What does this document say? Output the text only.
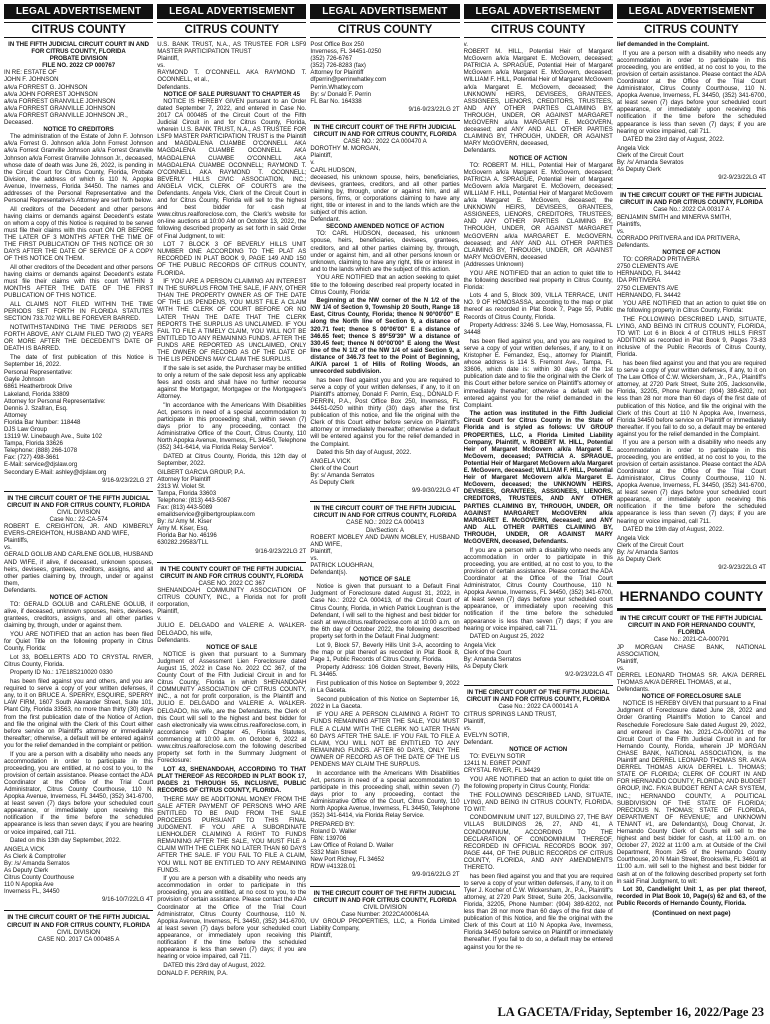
LEGAL ADVERTISEMENT
CITRUS COUNTY
IN THE FIFTH JUDICIAL CIRCUIT COURT IN AND FOR CITRUS COUNTY, FLORIDA
PROBATE DIVISION
FILE NO. 2022 CP 000767
IN RE: ESTATE OF
JOHN F. JOHNSON
a/k/a FORREST G. JOHNSON
a/k/a JOHN FORREST JOHNSON
a/k/a FORREST GRANVILLE JOHNSON
a/k/a FORREST GRANVILLE JOHNSON
a/k/a FORREST GRANVILLE JOHNSON JR.,
Deceased.
NOTICE TO CREDITORS

The administration of the Estate of John F. Johnson a/k/a Forrest G. Johnson a/k/a John Forrest Johnson a/k/a Forrest Granville Johnson a/k/a Forrest Granville Johnson a/k/a Forrest Granville Johnson Jr., deceased, whose date of death was June 26, 2022, is pending in the Circuit Court for Citrus County, Florida, Probate Division, the address of which is 110 N. Apopka Avenue, Inverness, Florida 34450. The names and addresses of the Personal Representative and the Personal Representative's Attorney are set forth below.

All creditors of the Decedent and other persons having claims or demands against Decedent's estate on whom a copy of this Notice is required to be served must file their claims with this court ON OR BEFORE THE LATER OF 3 MONTHS AFTER THE TIME OF THE FIRST PUBLICATION OF THIS NOTICE OR 30 DAYS AFTER THE DATE OF SERVICE OF A COPY OF THIS NOTICE ON THEM.

All other creditors of the Decedent and other persons having claims or demands against Decedent's estate must file their claims with this court WITHIN 3 MONTHS AFTER THE DATE OF THE FIRST PUBLICATION OF THIS NOTICE.

ALL CLAIMS NOT FILED WITHIN THE TIME PERIODS SET FORTH IN FLORIDA STATUTES SECTION 733.702 WILL BE FOREVER BARRED.

NOTWITHSTANDING THE TIME PERIODS SET FORTH ABOVE, ANY CLAIM FILED TWO (2) YEARS OR MORE AFTER THE DECEDENT'S DATE OF DEATH IS BARRED.

The date of first publication of this Notice is September 16, 2022.

Personal Representative:
Gayle Johnson
6861 Heatherbrook Drive
Lakeland, Florida 33809
Attorney for Personal Representative:
Dennis J. Szafran, Esq.
Attorney
Florida Bar Number: 118448
DJS Law Group
13119 W. Linebaugh Ave., Suite 102
Tampa, Florida 33626
Telephone: (888) 266-1078
Fax: (727) 498-3661
E-Mail: service@djslaw.org
Secondary E-Mail: ashley@djslaw.org
9/16-9/23/22LG 2T
IN THE CIRCUIT COURT OF THE FIFTH JUDICIAL CIRCUIT IN AND FOR CITRUS COUNTY, FLORIDA
CIVIL DIVISION
Case No.: 22-CA-574
ROBERT E. CREIGHTON, JR. AND KIMBERLY EVERS-CREIGHTON, HUSBAND AND WIFE,
Plaintiffs,
vs.
GERALD GOLUB AND CARLENE GOLUB, HUSBAND AND WIFE, if alive, if deceased, unknown spouses, heirs, devisees, grantees, creditors, assigns, and all other parties claiming by, through, under or against them,
Defendants.
NOTICE OF ACTION

TO: GERALD GOLUB and CARLENE GOLUB, if alive, if deceased, unknown spouses, heirs, devisees, grantees, creditors, assigns, and all other parties claiming by, through, under or against them.

YOU ARE NOTIFIED that an action has been filed for Quiet Title on the following property in Citrus County, Florida:

Lot 33, BOELLERTS ADD TO CRYSTAL RIVER, Citrus County, Florida.

Property ID No.: 17E18S210020 0330

has been filed against you and others, and you are required to serve a copy of your written defenses, if any, to it on BRUCE A. SPERRY, ESQUIRE, SPERRY LAW FIRM, 1607 South Alexander Street, Suite 101, Plant City, Florida 33563, no more than thirty (30) days from the first publication date of the Notice of Action, and file the original with the Clerk of this Court either before service on Plaintiff's attorney or immediately thereafter; otherwise, a default will be entered against you for the relief demanded in the complaint or petition.

If you are a person with a disability who needs any accommodation in order to participate in this proceeding, you are entitled, at no cost to you, to the provision of certain assistance. Please contact the ADA Coordinator at the Office of the Trial Court Administrator, Citrus County Courthouse, 110 N. Apopka Avenue, Inverness, FL 34450, (352) 341-6700, at least seven (7) days before your scheduled court appearance, or immediately upon receiving this notification if the time before the scheduled appearance is less than seven days; if you are hearing or voice impaired, call 711.

Dated on this 13th day September, 2022.

ANGELA VICK
As Clerk & Comptroller
By: /s/ Amanda Serratos
As Deputy Clerk
Citrus County Courthouse
110 N Apopka Ave
Inverness FL, 34450
9/16-10/7/22LG 4T
IN THE CIRCUIT COURT OF THE FIFTH JUDICIAL CIRCUIT IN AND FOR CITRUS COUNTY, FLORIDA
CIVIL DIVISION
CASE NO. 2017 CA 000485 A
LEGAL ADVERTISEMENT
CITRUS COUNTY
U.S. BANK TRUST, N.A., AS TRUSTEE FOR LSF9 MASTER PARTICIPATION TRUST
Plaintiff,
vs.
RAYMOND T. O'CONNELL AKA RAYMOND T. OCONNELL, et al.,
Defendants.
NOTICE OF SALE PURSUANT TO CHAPTER 45

NOTICE IS HEREBY GIVEN pursuant to an Order dated September 7, 2022, and entered in Case No. 2017 CA 000485 of the Circuit Court of the Fifth Judicial Circuit in and for Citrus County, Florida, wherein U.S. BANK TRUST, N.A., AS TRUSTEE FOR LSF9 MASTER PARTICIPATION TRUST is the Plaintiff and MAGDALENA CUAMBE O'CONNELL AKA MAGDALENA CUAMBE OCONNELL AKA MAGDALENA CUAMBE O'CONNELL AKA MAGDALENA CUAMBE OCONNELL; RAYMOND T. O'CONNELL AKA RAYMOND T. OCONNELL; BEVERLY HILLS CIVIC ASSOCIATION, INC.; ANGELA VICK, CLERK OF COURTS are the Defendants. Angela Vick, Clerk of the Circuit Court in and for Citrus County, Florida will sell to the highest and best bidder for cash at www.citrus.realforeclose.com, the Clerk's website for on-line auctions at 10:00 AM on October 13, 2022, the following described property as set forth in said Order of Final Judgment, to wit:

LOT 7 BLOCK 3 OF BEVERLY HILLS UNIT NUMBER ONE ACCORDING TO THE PLAT AS RECORDED IN PLAT BOOK 9, PAGE 149 AND 150 OF THE PUBLIC RECORDS OF CITRUS COUNTY, FLORIDA.

IF YOU ARE A PERSON CLAIMING AN INTEREST IN THE SURPLUS FROM THE SALE, IF ANY, OTHER THAN THE PROPERTY OWNER AS OF THE DATE OF THE LIS PENDENS, YOU MUST FILE A CLAIM WITH THE CLERK OF COURT BEFORE OR NO LATER THAN THE DATE THAT THE CLERK REPORTS THE SURPLUS AS UNCLAIMED. IF YOU FAIL TO FILE A TIMELY CLAIM, YOU WILL NOT BE ENTITLED TO ANY REMAINING FUNDS. AFTER THE FUNDS ARE REPORTED AS UNCLAIMED, ONLY THE OWNER OF RECORD AS OF THE DATE OF THE LIS PENDENS MAY CLAIM THE SURPLUS.

If the sale is set aside, the Purchaser may be entitled to only a return of the sale deposit less any applicable fees and costs and shall have no further recourse against the Mortgagor, Mortgagee or the Mortgagee's Attorney.

"In accordance with the Americans With Disabilities Act, persons in need of a special accommodation to participate in this proceeding shall, within seven (7) days prior to any proceeding, contact the Administrative Office of the Court, Citrus County, 110 North Apopka Avenue, Inverness, FL 34450, Telephone (352) 341-6414, via Florida Relay Service".

DATED at Citrus County, Florida, this 12th day of September, 2022.

GILBERT GARCIA GROUP, P.A.
Attorney for Plaintiff
2313 W. Violet St.
Tampa, Florida 33603
Telephone: (813) 443-5087
Fax: (813) 443-5089
emaildservice@gilbertgrouplaw.com
By: /s/ Amy M. Kiser
Amy M. Kiser, Esq.
Florida Bar No. 46196
630282.29583/TLL
9/16-9/23/22LG 2T
IN THE COUNTY COURT OF THE FIFTH JUDICIAL CIRCUIT IN AND FOR CITRUS COUNTY, FLORIDA
CASE NO. 2022 CC 367
SHENANDOAH COMMUNITY ASSOCIATION OF CITRUS COUNTY, INC., a Florida not for profit corporation,
Plaintiff,
v.
JULIO E. DELGADO and VALERIE A. WALKER-DELGADO, his wife,
Defendants.
NOTICE OF SALE

NOTICE is given that pursuant to a Summary Judgment of Assessment Lien Foreclosure dated August 15, 2022 in Case No. 2022 CC 367, of the County Court of the Fifth Judicial Circuit in and for Citrus County, Florida in which SHENANDOAH COMMUNITY ASSOCIATION OF CITRUS COUNTY, INC., a not for profit corporation, is the Plaintiff and JULIO E. DELGADO and VALERIE A. WALKER-DELGADO, his wife, are the Defendants, the Clerk of this Court will sell to the highest and best bidder for cash electronically via www.citrus.realforeclose.com, in accordance with Chapter 45, Florida Statutes, commencing at 10:00 a.m. on October 6, 2022 at www.citrus.realforeclose.com the following described property set forth in the Summary Judgment of Foreclosure:

LOT 43, SHENANDOAH, ACCORDING TO THAT PLAT THEREOF AS RECORDED IN PLAT BOOK 17, PAGES 21 THROUGH 55, INCLUSIVE, PUBLIC RECORDS OF CITRUS COUNTY, FLORIDA.

THERE MAY BE ADDITIONAL MONEY FROM THE SALE AFTER PAYMENT OF PERSONS WHO ARE ENTITLED TO BE PAID FROM THE SALE PROCEEDS PURSUANT TO THIS FINAL JUDGMENT. IF YOU ARE A SUBORDINATE LIENHOLDER CLAIMING A RIGHT TO FUNDS REMAINING AFTER THE SALE, YOU MUST FILE A CLAIM WITH THE CLERK NO LATER THAN 60 DAYS AFTER THE SALE. IF YOU FAIL TO FILE A CLAIM, YOU WILL NOT BE ENTITLED TO ANY REMAINING FUNDS.

If you are a person with a disability who needs any accommodation in order to participate in this proceeding, you are entitled, at no cost to you, to the provision of certain assistance. Please contact the ADA Coordinator at the Office of the Trial Court Administrator, Citrus County Courthouse, 110 N. Apopka Avenue, Inverness, FL 34450, (352) 341-6700, at least seven (7) days before your scheduled court appearance, or immediately upon receiving this notification if the time before the scheduled appearance is less than seven (7) days; if you are hearing or voice impaired, call 711.

DATED this 23rd day of August, 2022.

DONALD F. PERRIN, P.A.
LEGAL ADVERTISEMENT
CITRUS COUNTY
Post Office Box 250
Inverness, FL 34451-0250
(352) 726-6767
(352) 726-8283 (fax)
Attorney for Plaintiff
dfperrin@perrinwhatley.com
Perrin.Whatley.com
By: s/ Donald F. Perrin
FL Bar No. 164338
9/16-9/23/22LG 2T
IN THE CIRCUIT COURT OF THE FIFTH JUDICIAL CIRCUIT IN AND FOR CITRUS COUNTY, FLORIDA
CASE NO.: 2022 CA 000470 A
DOROTHY M. MORGAN,
Plaintiff,
v.
CARL HUDSON,
deceased, his unknown spouse, heirs, beneficiaries, devisees, grantees, creditors, and all other parties claiming by, through, under or against him, and all persons, firms, or corporations claiming to have any right, title or interest in and to the lands which are the subject of this action.
Defendant.
SECOND AMENDED NOTICE OF ACTION

TO: CARL HUDSON, deceased, his unknown spouse, heirs, beneficiaries, devisees, grantees, creditors, and all other parties claiming by, through, under or against him, and all other persons known or unknown, claiming to have any right, title or interest in and to the lands which are the subject of this action.

YOU ARE NOTIFIED that an action seeking to quiet title to the following described real property located in Citrus County, Florida:

Beginning at the NW corner of the N 1/2 of the NW 1/4 of Section 9, Township 20 South, Range 18 East, Citrus County, Florida; thence N 90°00'00" E along the North line of Section 9, a distance of 320.71 feet; thence S 00°06'00" E a distance of 346.65 feet; thence S 89°59'39" W a distance of 330.45 feet; thence N 00°00'00" E along the West line of the N 1/2 of the NW 1/4 of said Section 9, a distance of 346.73 feet to the Point of Beginning, A/K/A parcel 1 of Hills of Rolling Woods, an unrecorded subdivision.

has been filed against you and you are required to serve a copy of your written defenses, if any, to it on Plaintiff's attorney, Donald F. Perrin, Esq., DONALD F. PERRIN, P.A., Post Office Box 250, Inverness, FL 34451-0250 within thirty (30) days after the first publication of this notice, and file the original with the Clerk of this Court either before service on Plaintiff's attorney or immediately thereafter; otherwise a default will be entered against you for the relief demanded in the Complaint.

Dated this 5th day of August, 2022.

ANGELA VICK
Clerk of the Court
By: s/ Amanda Serratos
As Deputy Clerk
9/9-9/30/22LG 4T
IN THE CIRCUIT COURT OF THE FIFTH JUDICIAL CIRCUIT IN AND FOR CITRUS COUNTY, FLORIDA
CASE NO.: 2022 CA 000413
Div/Section: A
ROBERT MOBLEY AND DAWN MOBLEY, HUSBAND AND WIFE,
Plaintiff,
vs.
PATRICK LOUGHRAN,
Defendant(s).
NOTICE OF SALE

Notice is given that pursuant to a Default Final Judgment of Foreclosure dated August 31, 2022, in Case No.: 2022 CA 000413, of the Circuit Court of Citrus County, Florida, in which Patrick Loughran is the Defendant, I will sell to the highest and best bidder for cash at www.citrus.realforeclose.com at 10:00 a.m. on the 6th day of October 2022, the following described property set forth in the Default Final Judgment:

Lot 9, Block 57, Beverly Hills Unit 3-A, according to the map or plat thereof as recorded in Plat Book 8, Page 1, Public Records of Citrus County, Florida.

Property Address: 106 Golden Street, Beverly Hills, FL 34465.

First publication of this Notice on September 9, 2022 in La Gaceta.

Second publication of this Notice on September 16, 2022 in La Gaceta.

IF YOU ARE A PERSON CLAIMING A RIGHT TO FUNDS REMAINING AFTER THE SALE, YOU MUST FILE A CLAIM WITH THE CLERK NO LATER THAN 60 DAYS AFTER THE SALE. IF YOU FAIL TO FILE A CLAIM, YOU WILL NOT BE ENTITLED TO ANY REMAINING FUNDS. AFTER 60 DAYS, ONLY THE OWNER OF RECORD AS OF THE DATE OF THE LIS PENDENS MAY CLAIM THE SURPLUS.

In accordance with the Americans With Disabilities Act, persons in need of a special accommodation to participate in this proceeding shall, within seven (7) days prior to any proceeding, contact the Administrative Office of the Court, Citrus County, 110 North Apopka Avenue, Inverness, FL 34450, Telephone (352) 341-6414, via Florida Relay Service.

PREPARED BY:
Roland D. Waller
FBN: 139706
Law Office of Roland D. Waller
5332 Main Street
New Port Richey, FL 34652
RDW #41328.01
9/9-9/16/22LG 2T
IN THE CIRCUIT COURT OF THE FIFTH JUDICIAL CIRCUIT IN AND FOR CITRUS COUNTY, FLORIDA
CIVIL DIVISION
Case Number: 2022CA000614A
UV GROUP PROPERTIES, LLC, a Florida Limited Liability Company,
Plaintiff,
LEGAL ADVERTISEMENT
CITRUS COUNTY
v.
ROBERT M. HILL, Potential Heir of Margaret McGovern a/k/a Margaret E. McGovern, deceased; PATRICIA A. SPRAGUE, Potential Heir of Margaret McGovern a/k/a Margaret E. McGovern, deceased; WILLIAM F. HILL, Potential Heir of Margaret McGovern a/k/a Margaret E. McGovern, deceased; the UNKNOWN HEIRS, DEVISEES, GRANTEES, ASSIGNEES, LIENORS, CREDITORS, TRUSTEES, AND ANY OTHER PARTIES CLAIMING BY, THROUGH, UNDER, OR AGAINST MARGARET McGOVERN a/k/a MARGARET E. McGOVERN, deceased; and ANY AND ALL OTHER PARTIES CLAIMING BY, THROUGH, UNDER, OR AGAINST MARY McGOVERN, deceased,
Defendants.
NOTICE OF ACTION

TO: ROBERT M. HILL, Potential Heir of Margaret McGovern a/k/a Margaret E. McGovern, deceased; PATRICIA A. SPRAGUE, Potential Heir of Margaret McGovern a/k/a Margaret E. McGovern, deceased; WILLIAM F. HILL, Potential Heir of Margaret McGovern a/k/a Margaret E. McGovern, deceased; the UNKNOWN HEIRS, DEVISEES, GRANTEES, ASSIGNEES, LIENORS, CREDITORS, TRUSTEES, AND ANY OTHER PARTIES CLAIMING BY, THROUGH, UNDER, OR AGAINST MARGARET McGOVERN a/k/a MARGARET E. McGOVERN, deceased; and ANY AND ALL OTHER PARTIES CLAIMING BY, THROUGH, UNDER, OR AGAINST MARY McGOVERN, deceased
(Addresses Unknown)

YOU ARE NOTIFIED that an action to quiet title to the following described real property in Citrus County, Florida:

Lots 4 and 5, Block 309, VILLA TERRACE, UNIT NO. 9 OF HOMOSASSA, according to the map or plat thereof as recorded in Plat Book 7, Page 55, Public Records of Citrus County, Florida.

Property Address: 3246 S. Lee Way, Homosassa, FL 34448

has been filed against you, and you are required to serve a copy of your written defenses, if any, to it on Kristopher E. Fernandez, Esq., attorney for Plaintiff, whose address is 114 S. Fremont Ave., Tampa, FL 33606, which date is: within 30 days of the 1st publication date and to file the original with the Clerk of this Court either before service on Plaintiff's attorney or immediately thereafter; otherwise a default will be entered against you for the relief demanded in the Complaint.

The action was instituted in the Fifth Judicial Circuit Court for Citrus County in the State of Florida and is styled as follows: UV GROUP PROPERTIES, LLC, a Florida Limited Liability Company, Plaintiff, v. ROBERT M. HILL, Potential Heir of Margaret McGovern a/k/a Margaret E. McGovern, deceased; PATRICIA A. SPRAGUE, Potential Heir of Margaret McGovern a/k/a Margaret E. McGovern, deceased; WILLIAM F. HILL, Potential Heir of Margaret McGovern a/k/a Margaret E. McGovern, deceased; the UNKNOWN HEIRS, DEVISEES, GRANTEES, ASSIGNEES, LIENORS, CREDITORS, TRUSTEES, AND ANY OTHER PARTIES CLAIMING BY, THROUGH, UNDER, OR AGAINST MARGARET McGOVERN a/k/a MARGARET E. McGOVERN, deceased; and ANY AND ALL OTHER PARTIES CLAIMING BY, THROUGH, UNDER, OR AGAINST MARY McGOVERN, deceased, Defendants.

If you are a person with a disability who needs any accommodation in order to participate in this proceeding, you are entitled, at no cost to you, to the provision of certain assistance. Please contact the ADA Coordinator at the Office of the Trial Court Administrator, Citrus County Courthouse, 110 N. Apopka Avenue, Inverness, FL 34450, (352) 341-6700, at least seven (7) days before your scheduled court appearance, or immediately upon receiving this notification if the time before the scheduled appearance is less than seven (7) days; if you are hearing or voice impaired, call 711.

DATED on August 25, 2022

Angela Vick
Clerk of the Court
By: Amanda Serratos
As Deputy Clerk
9/2-9/23/22LG 4T
IN THE CIRCUIT COURT OF THE FIFTH JUDICIAL CIRCUIT IN AND FOR CITRUS COUNTY, FLORIDA
Case No.: 2022 CA 000141 A
CITRUS SPRINGS LAND TRUST,
Plaintiff,
vs.
EVELYN SOTIR,
Defendant.
NOTICE OF ACTION

TO: EVELYN SOTIR
12411 N. EGRET POINT
CRYSTAL RIVER, FL 34429

YOU ARE NOTIFIED that an action to quiet title on the following property in Citrus County, Florida:

THE FOLLOWING DESCRIBED LAND, SITUATE, LYING, AND BEING IN CITRUS COUNTY, FLORIDA, TO WIT:

CONDOMINIUM UNIT 127, BUILDING 27, THE BAY VILLAS BUILDINGS 26, 27, AND 41, A CONDOMINIUM, ACCORDING TO THE DECLARATION OF CONDOMINIUM THEREOF, RECORDED IN OFFICIAL RECORDS BOOK 397, PAGE 444, OF THE PUBLIC RECORDS OF CITRUS COUNTY, FLORIDA, AND ANY AMENDMENTS THERETO.

has been filed against you and that you are required to serve a copy of your written defenses, if any, to it on Tyler J. Kocher of C.W. Wickersham, Jr., P.A., Plaintiff's attorney, at 2720 Park Street, Suite 205, Jacksonville, Florida, 32205, Phone Number: (904) 389-6202, not less than 28 nor more than 60 days of the first date of publication of this Notice, and file the original with the Clerk of this Court at 110 N Apopka Ave, Inverness, Florida 34450 before service on Plaintiff or immediately thereafter. If you fail to do so, a default may be entered against you for the re-

LEGAL ADVERTISEMENT
CITRUS COUNTY

lief demanded in the Complaint.

If you are a person with a disability who needs any accommodation in order to participate in this proceeding, you are entitled, at no cost to you, to the provision of certain assistance. Please contact the ADA Coordinator at the Office of the Trial Court Administrator, Citrus County Courthouse, 110 N. Apopka Avenue, Inverness, FL 34450, (352) 341-6700, at least seven (7) days before your scheduled court appearance, or immediately upon receiving this notification if the time before the scheduled appearance is less than seven (7) days; if you are hearing or voice impaired, call 711.

DATED the 23rd day of August, 2022.

Angela Vick
Clerk of the Circuit Court
By: /s/ Amanda Sevratos
As Deputy Clerk
9/2-9/23/22LG 4T
IN THE CIRCUIT COURT OF THE FIFTH JUDICIAL CIRCUIT IN AND FOR CITRUS COUNTY, FLORIDA
Case No.: 2022 CA 00317 A
BENJAMIN SMITH and MINERVA SMITH,
Plaintiffs,
vs.
CORRADO PRITIVERA and IDA PRITIVERA,
Defendants.
NOTICE OF ACTION

TO: CORRADO PRITIVERA
2750 CLEMENTS AVE
HERNANDO, FL 34442
IDA PRITIVERA
2750 CLEMENTS AVE
HERNANDO, FL 34442

YOU ARE NOTIFIED that an action to quiet title on the following property in Citrus County, Florida:

THE FOLLOWING DESCRIBED LAND, SITUATE, LYING, AND BEING IN CITRUS COUNTY, FLORIDA, TO WIT: Lot 6 in Block 4 of CITRUS HILLS FIRST ADDITION as recorded in Plat Book 9, Pages 73-83 inclusive of the Public Records of Citrus County, Florida.

has been filed against you and that you are required to serve a copy of your written defenses, if any, to it on The Law Office of C.W. Wickersham, Jr., P.A., Plaintiff's attorney, at 2720 Park Street, Suite 205, Jacksonville, Florida, 32205, Phone Number: (904) 389-6202, not less than 28 nor more than 60 days of the first date of publication of this Notice, and file the original with the Clerk of this Court at 110 N Apopka Ave, Inverness, Florida 34450 before service on Plaintiff or immediately thereafter. If you fail to do so, a default may be entered against you for the relief demanded in the Complaint.

If you are a person with a disability who needs any accommodation in order to participate in this proceeding, you are entitled, at no cost to you, to the provision of certain assistance. Please contact the ADA Coordinator at the Office of the Trial Court Administrator, Citrus County Courthouse, 110 N. Apopka Avenue, Inverness, FL 34450, (352) 341-6700, at least seven (7) days before your scheduled court appearance, or immediately upon receiving this notification if the time before the scheduled appearance is less than seven (7) days; if you are hearing or voice impaired, call 711.

DATED the 19th day of August, 2022.

Angela Vick
Clerk of the Circuit Court
By: /s/ Amanda Santos
As Deputy Clerk
9/2-9/23/22LG 4T
HERNANDO COUNTY
IN THE CIRCUIT COURT OF THE FIFTH JUDICIAL CIRCUIT IN AND FOR HERNANDO COUNTY, FLORIDA
Case No.: 2021-CA-000791
JP MORGAN CHASE BANK, NATIONAL ASSOCIATION,
Plaintiff,
vs.
DERREL LEONARD THOMAS SR. A/K/A DERREL THOMAS A/K/A DERREL THOMAS, et al.,
Defendants.
NOTICE OF FORECLOSURE SALE

NOTICE IS HEREBY GIVEN that pursuant to a Final Judgment of Foreclosure dated June 28, 2022 and Order Granting Plaintiff's Motion to Cancel and Reschedule Foreclosure Sale dated August 29, 2022, and entered in Case No. 2021-CA-000791 of the Circuit Court of the Fifth Judicial Circuit in and for Hernando County, Florida, wherein JP MORGAN CHASE BANK, NATIONAL ASSOCIATION, is the Plaintiff and DERREL LEONARD THOMAS SR. A/K/A DERREL THOMAS A/K/A DERREL L. THOMAS; STATE OF FLORIDA; CLERK OF COURT IN AND FOR HERNANDO COUNTY, FLORIDA; AND BUDGET GROUP, INC. F/K/A BUDGET RENT A CAR SYSTEM, INC.; HERNANDO COUNTY, A POLITICAL SUBDIVISION OF THE STATE OF FLORIDA; PRECIOUS N. THOMAS; STATE OF FLORIDA, DEPARTMENT OF REVENUE; and UNKNOWN TENANT #1, are Defendant(s), Doug Chorvat, Jr. Hernando County Clerk of Courts will sell to the highest and best bidder for cash, at 11:00 a.m. on October 27, 2022 at 11:00 a.m. at Outside of the Civil Department, Room 245 of the Hernando County Courthouse, 20 N Main Street, Brooksville, FL 34601 at 11:00 a.m. will sell to the highest and best bidder for cash at on of the following described property set forth in said Final Judgment, to wit:

Lot 30, Candlelight Unit 1, as per plat thereof, recorded in Plat Book 10, Page(s) 62 and 63, of the Public Records of Hernando County, Florida.

(Continued on next page)
LA GACETA/Friday, September 16, 2022/Page 23
